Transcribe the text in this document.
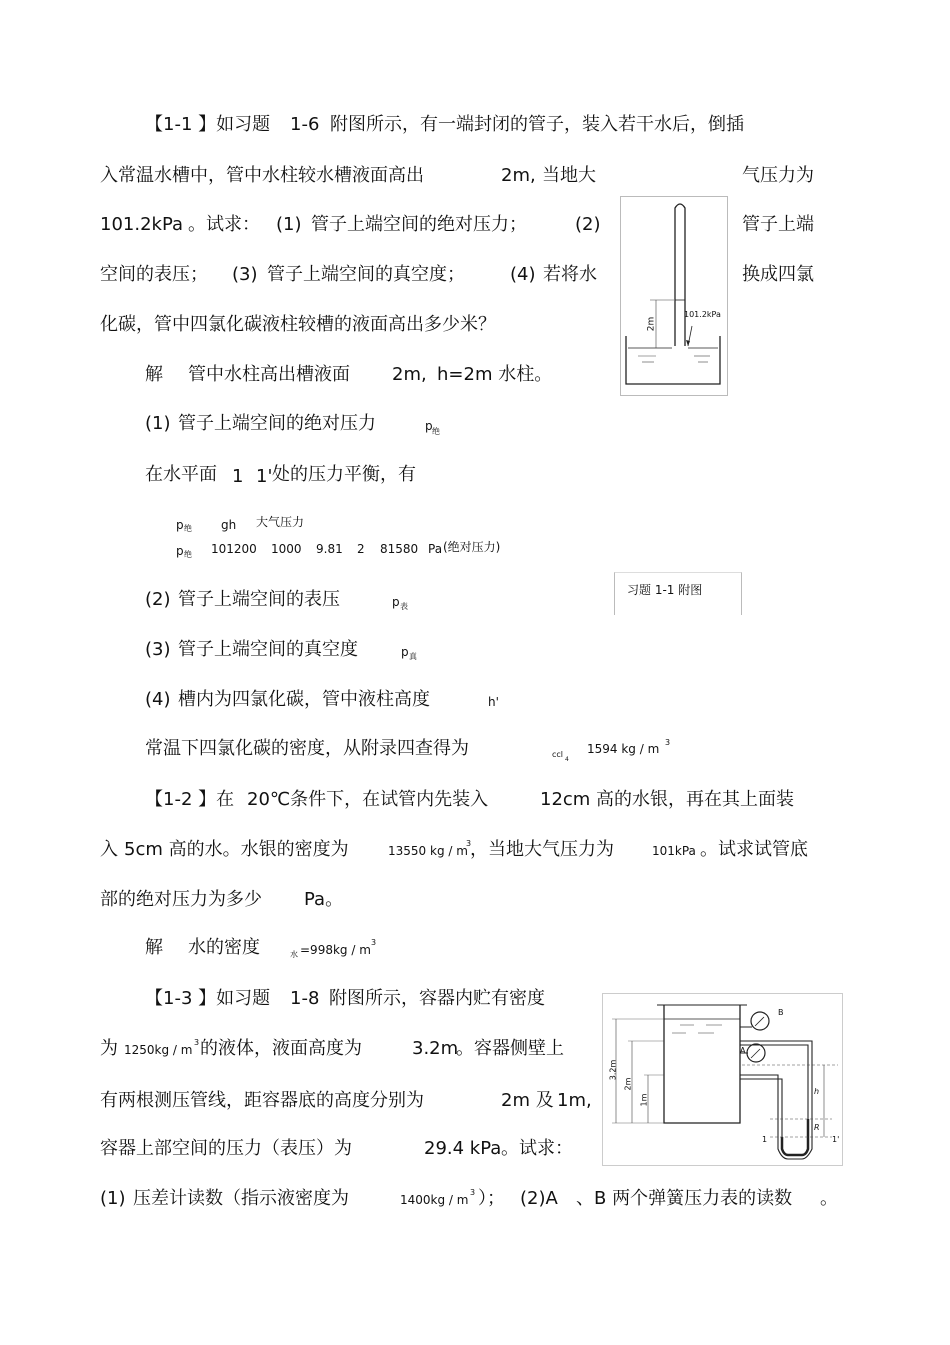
【1-1 】如习题 1-6 附图所示，有一端封闭的管子，装入若干水后，倒插
入常温水槽中，管中水柱较水槽液面高出	2m, 当地大	气压力为
101.2kPa 。试求： (1) 管子上端空间的绝对压力；	(2)	管子上端
空间的表压； (3) 管子上端空间的真空度；	(4) 若将水	换成四氯
化碳，管中四氯化碳液柱较槽的液面高出多少米？	2m
101.2kPa
解 管中水柱高出槽液面 2m, h=2m 水柱。
(1) 管子上端空间的绝对压力	p 绝
在水平面 1 1' 处的压力平衡，有
p 绝 gh 大气压力
p 绝 101200 1000 9.81 2 81580 Pa (绝对压力)
习题 1-1 附图
(2) 管子上端空间的表压	p 表
(3) 管子上端空间的真空度	p 真
(4) 槽内为四氯化碳，管中液柱高度	h'
常温下四氯化碳的密度，从附录四查得为	ccl
4
1594 kg / m 3
【1-2 】在 20℃条件下，在试管内先装入	12cm 高的水银，再在其上面装
入 5cm 高的水。水银的密度为	13550 kg / m
3
，当地大气压力为	101kPa 。试求试管底
部的绝对压力为多少 Pa。
解 水的密度	水 =998kg / m
3
【1-3 】如习题 1-8 附图所示，容器内贮有密度
为 1250kg / m
3 的液体，液面高度为	3.2m
。容器侧壁上
有两根测压管线，距容器底的高度分别为	2m 及 1m,
容器上部空间的压力（表压）为	29.4 kPa 。试求：
(1) 压差计读数（指示液密度为	1400kg / m
3 ）； (2)A 、B 两个弹簧压力表的读数 。
B
A
3.2m
2m
1m
h
R
1	1'
